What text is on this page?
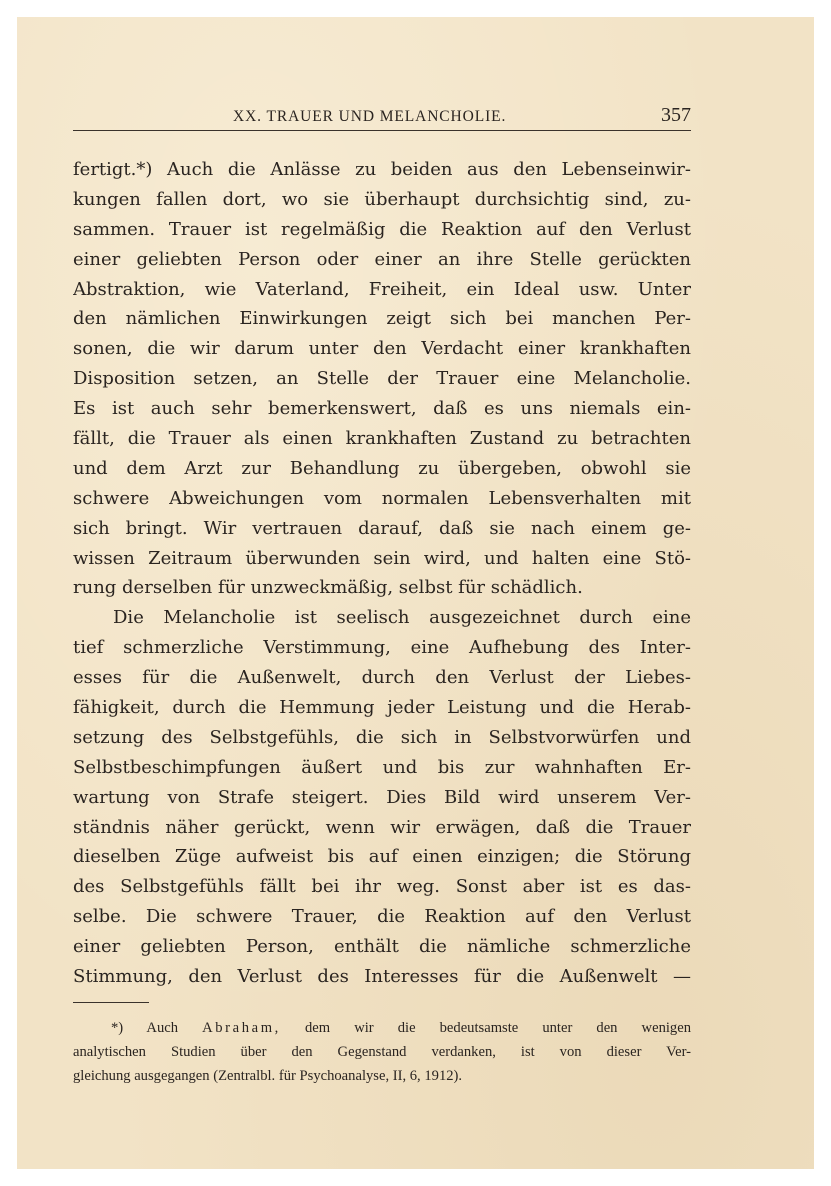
XX. TRAUER UND MELANCHOLIE.	357
fertigt.*) Auch die Anlässe zu beiden aus den Lebenseinwir-
kungen fallen dort, wo sie überhaupt durchsichtig sind, zu-
sammen. Trauer ist regelmäßig die Reaktion auf den Verlust
einer geliebten Person oder einer an ihre Stelle gerückten
Abstraktion, wie Vaterland, Freiheit, ein Ideal usw. Unter
den nämlichen Einwirkungen zeigt sich bei manchen Per-
sonen, die wir darum unter den Verdacht einer krankhaften
Disposition setzen, an Stelle der Trauer eine Melancholie.
Es ist auch sehr bemerkenswert, daß es uns niemals ein-
fällt, die Trauer als einen krankhaften Zustand zu betrachten
und dem Arzt zur Behandlung zu übergeben, obwohl sie
schwere Abweichungen vom normalen Lebensverhalten mit
sich bringt. Wir vertrauen darauf, daß sie nach einem ge-
wissen Zeitraum überwunden sein wird, und halten eine Stö-
rung derselben für unzweckmäßig, selbst für schädlich.
Die Melancholie ist seelisch ausgezeichnet durch eine
tief schmerzliche Verstimmung, eine Aufhebung des Inter-
esses für die Außenwelt, durch den Verlust der Liebes-
fähigkeit, durch die Hemmung jeder Leistung und die Herab-
setzung des Selbstgefühls, die sich in Selbstvorwürfen und
Selbstbeschimpfungen äußert und bis zur wahnhaften Er-
wartung von Strafe steigert. Dies Bild wird unserem Ver-
ständnis näher gerückt, wenn wir erwägen, daß die Trauer
dieselben Züge aufweist bis auf einen einzigen; die Störung
des Selbstgefühls fällt bei ihr weg. Sonst aber ist es das-
selbe. Die schwere Trauer, die Reaktion auf den Verlust
einer geliebten Person, enthält die nämliche schmerzliche
Stimmung, den Verlust des Interesses für die Außenwelt —
*) Auch Abraham, dem wir die bedeutsamste unter den wenigen
analytischen Studien über den Gegenstand verdanken, ist von dieser Ver-
gleichung ausgegangen (Zentralbl. für Psychoanalyse, II, 6, 1912).
